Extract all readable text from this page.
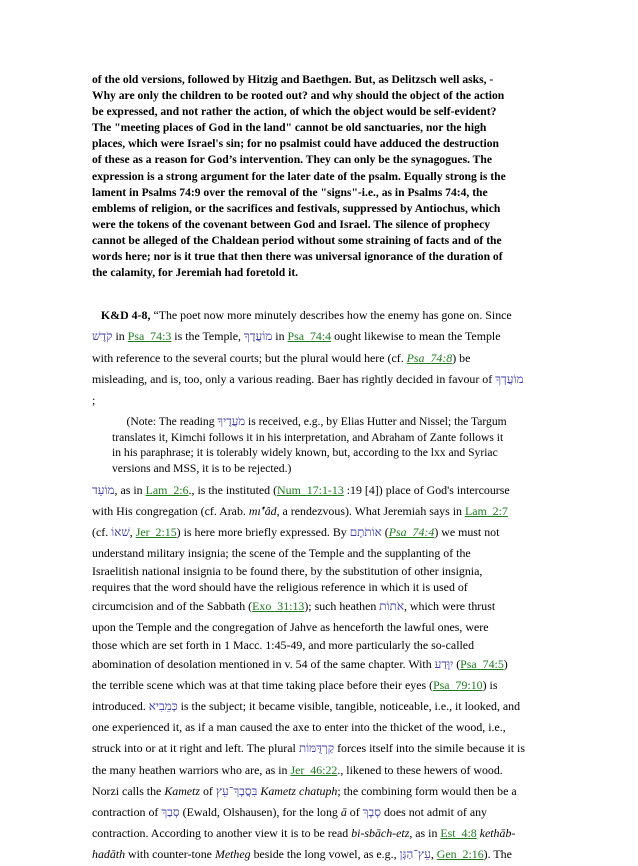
of the old versions, followed by Hitzig and Baethgen. But, as Delitzsch well asks, -
Why are only the children to be rooted out? and why should the object of the action
be expressed, and not rather the action, of which the object would be self-evident?
The "meeting places of God in the land" cannot be old sanctuaries, nor the high
places, which were Israel's sin; for no psalmist could have adduced the destruction
of these as a reason for God’s intervention. They can only be the synagogues. The
expression is a strong argument for the later date of the psalm. Equally strong is the
lament in Psalms 74:9 over the removal of the "signs"-i.e., as in Psalms 74:4, the
emblems of religion, or the sacrifices and festivals, suppressed by Antiochus, which
were the tokens of the covenant between God and Israel. The silence of prophecy
cannot be alleged of the Chaldean period without some straining of facts and of the
words here; nor is it true that then there was universal ignorance of the duration of
the calamity, for Jeremiah had foretold it.
K&D 4-8, “The poet now more minutely describes how the enemy has gone on. Since
קֹדֶשׁ in Psa_74:3 is the Temple, מוֹעֲדֶךָ in Psa_74:4 ought likewise to mean the Temple
with reference to the several courts; but the plural would here (cf. Psa_74:8) be
misleading, and is, too, only a various reading. Baer has rightly decided in favour of מוֹעֲדְךָ
;
(Note: The reading מֹעֲדֶיךָ is received, e.g., by Elias Hutter and Nissel; the Targum
translates it, Kimchi follows it in his interpretation, and Abraham of Zante follows it
in his paraphrase; it is tolerably widely known, but, according to the lxx and Syriac
versions and MSS, it is to be rejected.)
מוֹעֵד, as in Lam_2:6., is the instituted (Num_17:1-13 :19 [4]) place of God's intercourse
with His congregation (cf. Arab. mı̂‛âd, a rendezvous). What Jeremiah says in Lam_2:7
(cf. שׁאוֹ, Jer_2:15) is here more briefly expressed. By אוֹתֹתָם (Psa_74:4) we must not
understand military insignia; the scene of the Temple and the supplanting of the
Israelitish national insignia to be found there, by the substitution of other insignia,
requires that the word should have the religious reference in which it is used of
circumcision and of the Sabbath (Exo_31:13); such heathen אֹתוֹת, which were thrust
upon the Temple and the congregation of Jahve as henceforth the lawful ones, were
those which are set forth in 1 Macc. 1:45-49, and more particularly the so-called
abomination of desolation mentioned in v. 54 of the same chapter. With יִוָּדַע (Psa_74:5)
the terrible scene which was at that time taking place before their eyes (Psa_79:10) is
introduced. כְּמֵבִיא is the subject; it became visible, tangible, noticeable, i.e., it looked, and
one experienced it, as if a man caused the axe to enter into the thicket of the wood, i.e.,
struck into or at it right and left. The plural קַרְדֻּמּוֹת forces itself into the simile because it is
the many heathen warriors who are, as in Jer_46:22., likened to these hewers of wood.
Norzi calls the Kametz of בִּסֲבָךְ־עֵץ Kametz chatuph; the combining form would then be a
contraction of סְבַךְ (Ewald, Olshausen), for the long ā of סְבָךְ does not admit of any
contraction. According to another view it is to be read bi-sbāch-etz, as in Est_4:8 kethāb-
hadāth with counter-tone Metheg beside the long vowel, as e.g., עֵץ־הַגָּן, Gen_2:16). The
